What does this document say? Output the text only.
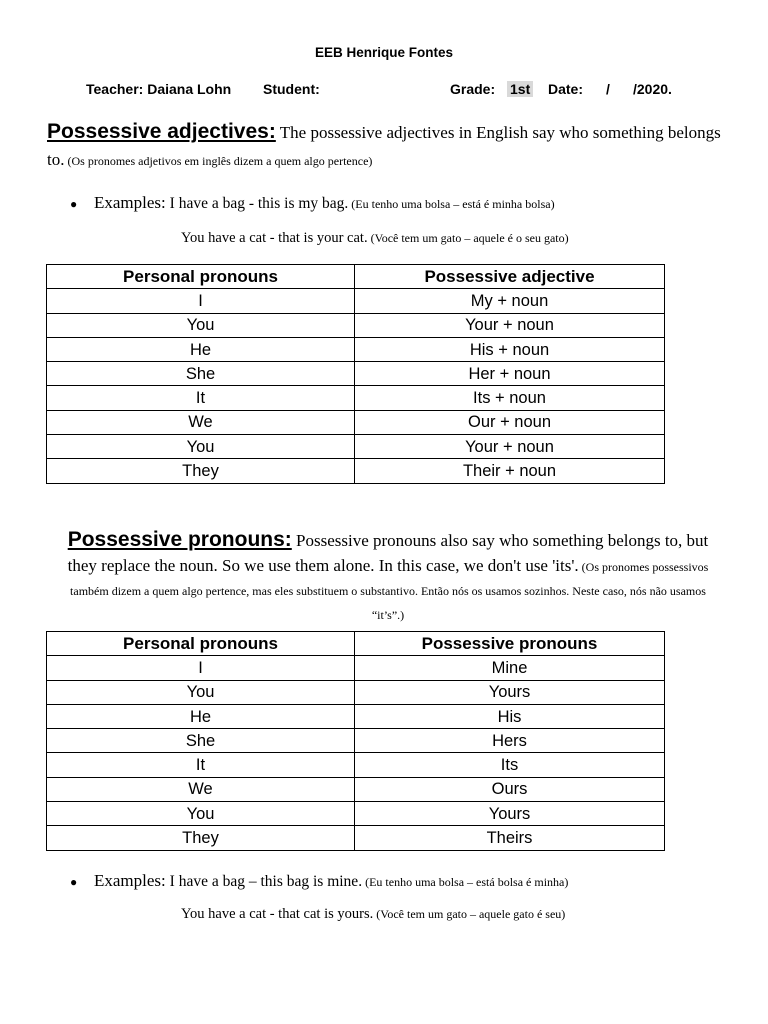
EEB Henrique Fontes
Teacher: Daiana Lohn Student:	Grade: 1st Date: / /2020.
Possessive adjectives: The possessive adjectives in English say who something belongs to. (Os pronomes adjetivos em inglês dizem a quem algo pertence)
● Examples: I have a bag - this is my bag. (Eu tenho uma bolsa – está é minha bolsa)
You have a cat - that is your cat. (Você tem um gato – aquele é o seu gato)
Personal pronouns	Possessive adjective
I	My + noun
You	Your + noun
He	His + noun
She	Her + noun
It	Its + noun
We	Our + noun
You	Your + noun
They	Their + noun
Possessive pronouns: Possessive pronouns also say who something belongs to, but they replace the noun. So we use them alone. In this case, we don't use 'its'. (Os pronomes possessivos também dizem a quem algo pertence, mas eles substituem o substantivo. Então nós os usamos sozinhos. Neste caso, nós não usamos “it’s”.)
Personal pronouns	Possessive pronouns
I	Mine
You	Yours
He	His
She	Hers
It	Its
We	Ours
You	Yours
They	Theirs
● Examples: I have a bag – this bag is mine. (Eu tenho uma bolsa – está bolsa é minha)
You have a cat - that cat is yours. (Você tem um gato – aquele gato é seu)
